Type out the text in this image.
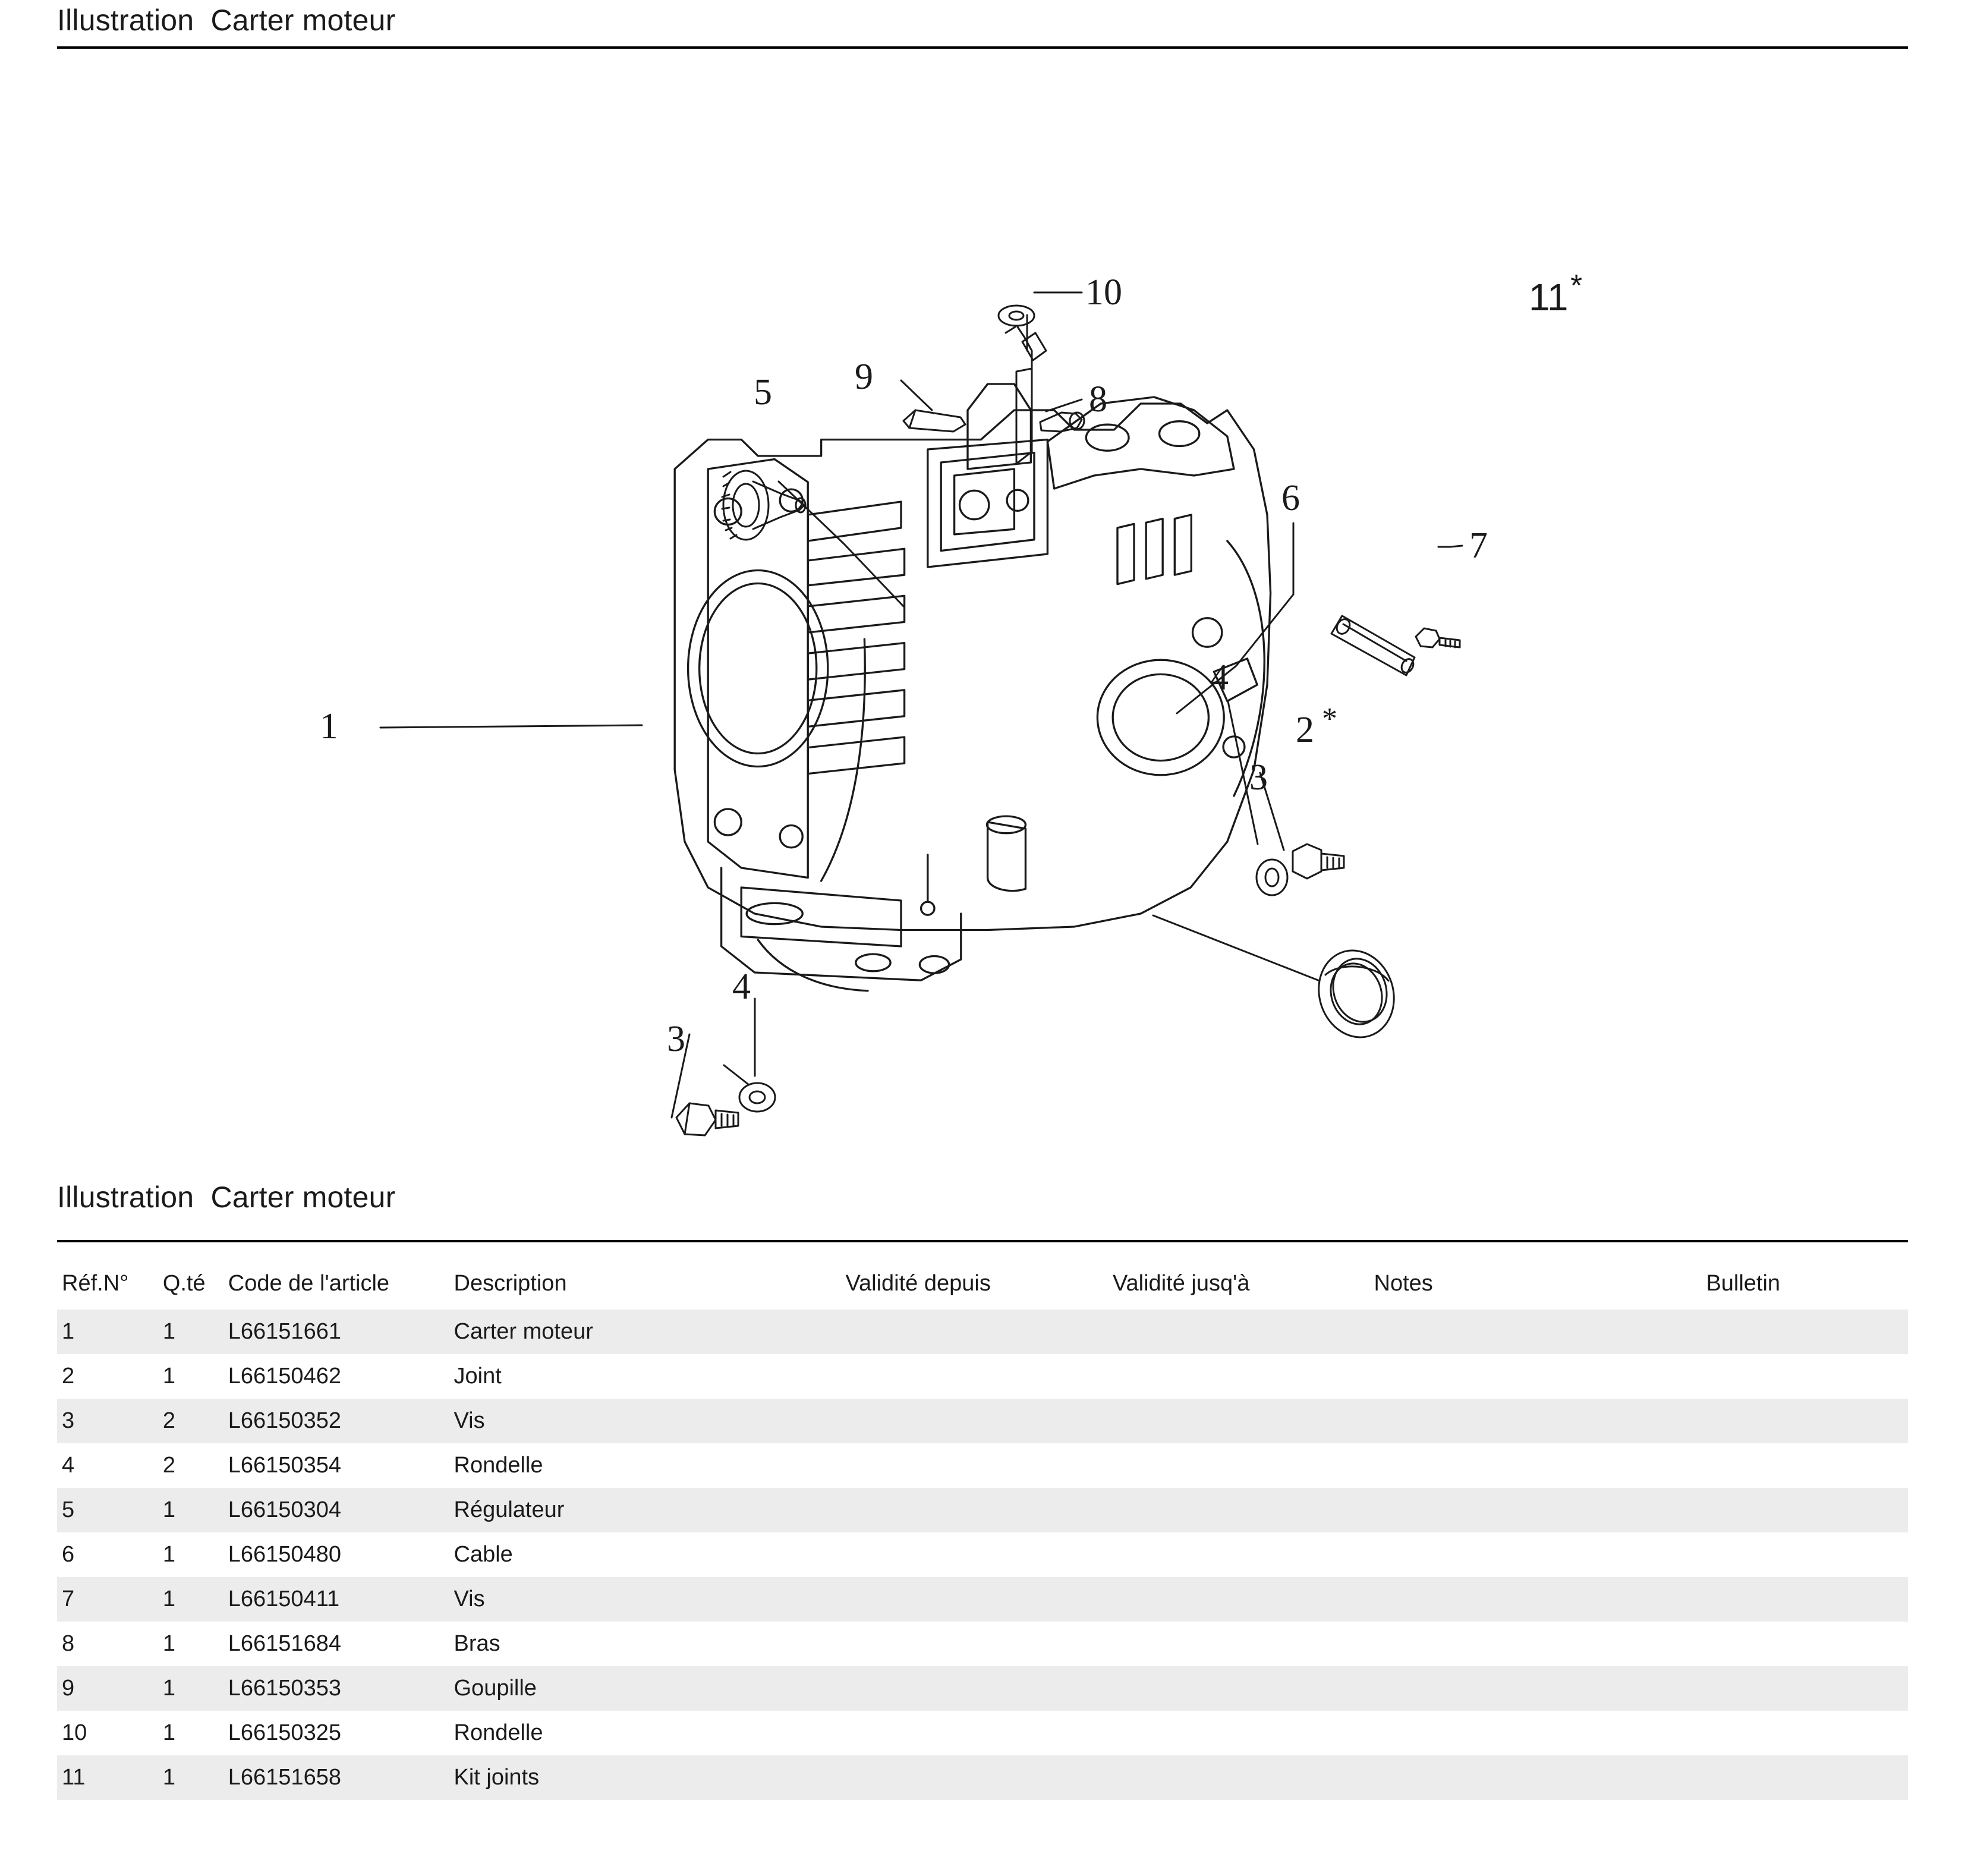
Illustration  Carter moteur
1
5 9
10
8
6
7
4
3
2 *
4
3
11 *
Illustration  Carter moteur
Réf.N°	Q.té	Code de l'article	Description	Validité depuis	Validité jusq'à	Notes	Bulletin
1	1	L66151661	Carter moteur				
2	1	L66150462	Joint				
3	2	L66150352	Vis				
4	2	L66150354	Rondelle				
5	1	L66150304	Régulateur				
6	1	L66150480	Cable				
7	1	L66150411	Vis				
8	1	L66151684	Bras				
9	1	L66150353	Goupille				
10	1	L66150325	Rondelle				
11	1	L66151658	Kit joints				
